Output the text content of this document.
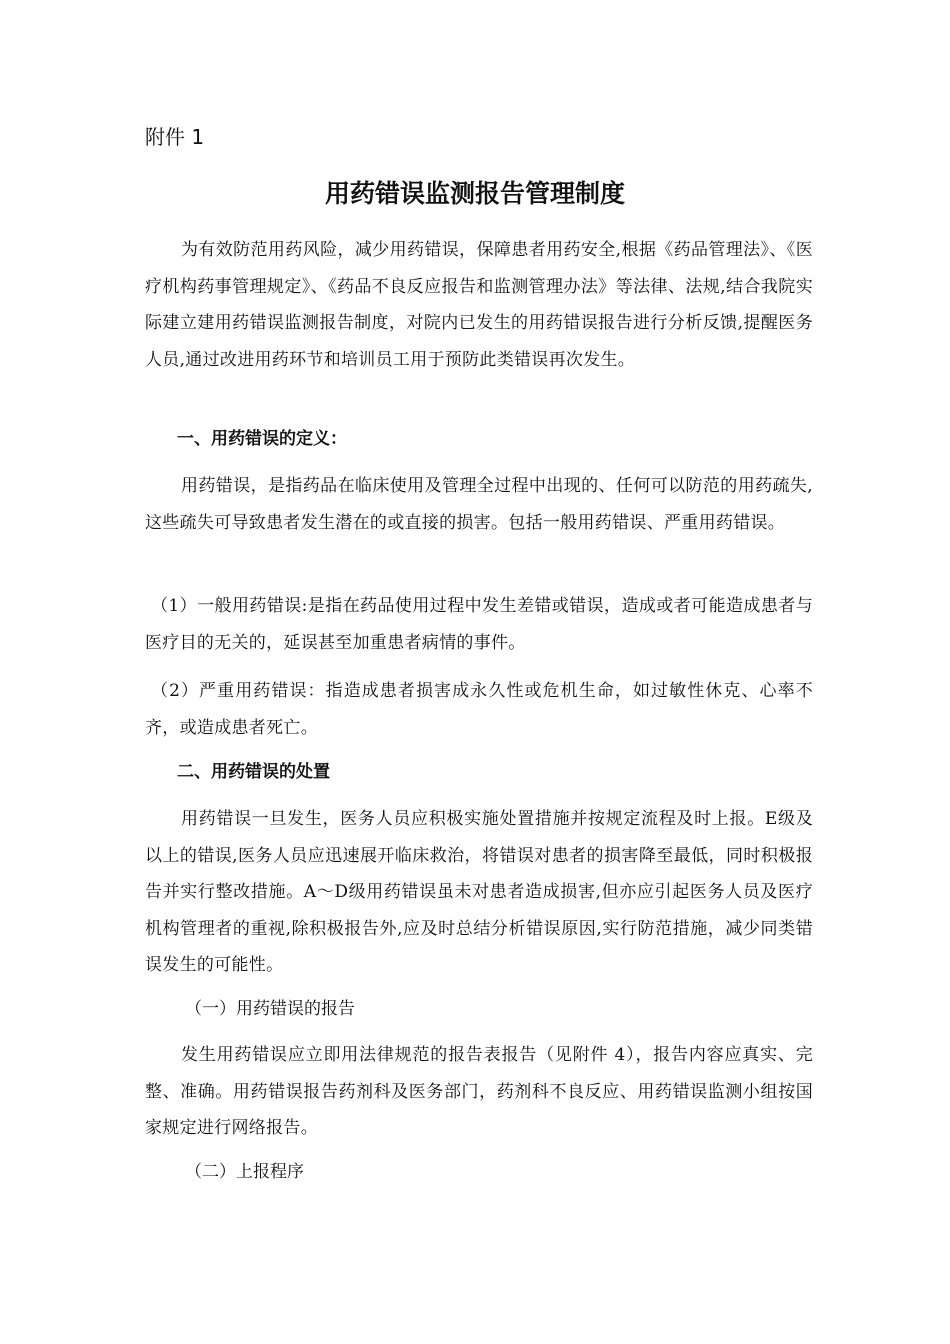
附件 1

用药错误监测报告管理制度

为有效防范用药风险，减少用药错误，保障患者用药安全,根据《药品管理法》、《医疗机构药事管理规定》、《药品不良反应报告和监测管理办法》等法律、法规,结合我院实际建立建用药错误监测报告制度，对院内已发生的用药错误报告进行分析反馈,提醒医务人员,通过改进用药环节和培训员工用于预防此类错误再次发生。

一、用药错误的定义：

用药错误，是指药品在临床使用及管理全过程中出现的、任何可以防范的用药疏失,这些疏失可导致患者发生潜在的或直接的损害。包括一般用药错误、严重用药错误。

（1）一般用药错误:是指在药品使用过程中发生差错或错误，造成或者可能造成患者与医疗目的无关的，延误甚至加重患者病情的事件。

（2）严重用药错误：指造成患者损害成永久性或危机生命，如过敏性休克、心率不齐，或造成患者死亡。

二、用药错误的处置

用药错误一旦发生，医务人员应积极实施处置措施并按规定流程及时上报。E级及以上的错误,医务人员应迅速展开临床救治，将错误对患者的损害降至最低，同时积极报告并实行整改措施。A～D级用药错误虽未对患者造成损害,但亦应引起医务人员及医疗机构管理者的重视,除积极报告外,应及时总结分析错误原因,实行防范措施，减少同类错误发生的可能性。

（一）用药错误的报告

发生用药错误应立即用法律规范的报告表报告（见附件 4），报告内容应真实、完整、准确。用药错误报告药剂科及医务部门，药剂科不良反应、用药错误监测小组按国家规定进行网络报告。

（二）上报程序
